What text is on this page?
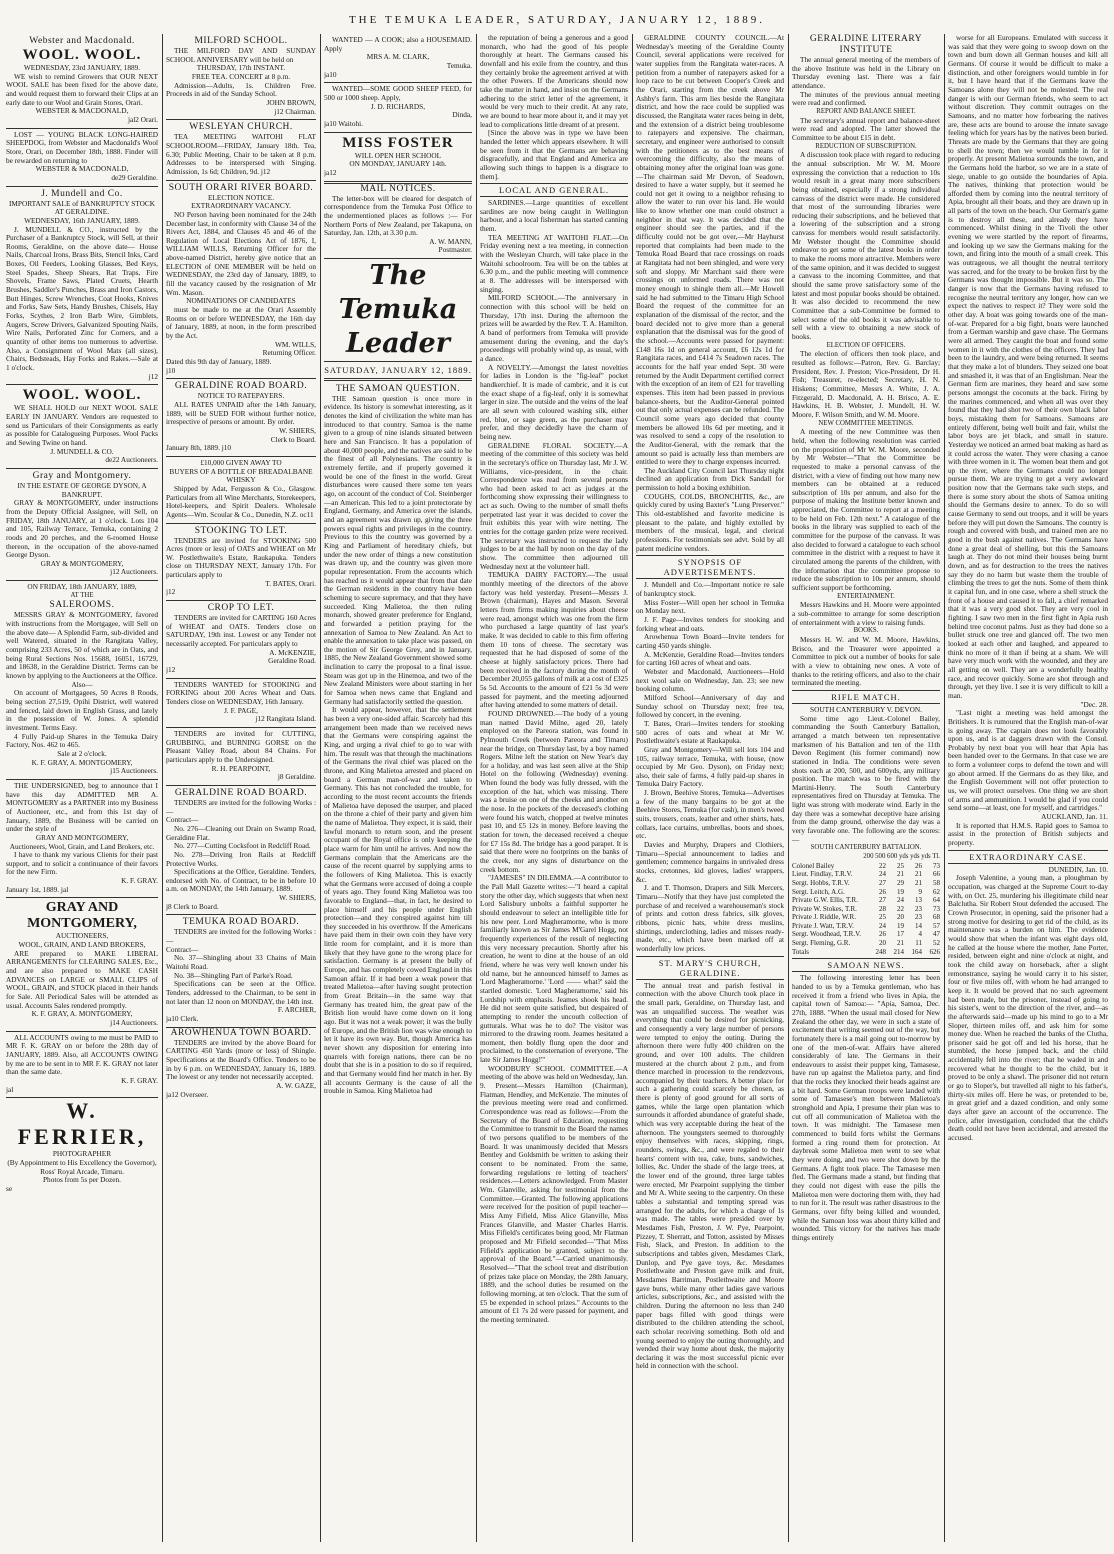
THE TEMUKA LEADER, SATURDAY, JANUARY 12, 1889.
Webster and Macdonald.
WOOL. WOOL.
WEDNESDAY, 23rd JANUARY, 1889.

WE wish to remind Growers that OUR NEXT WOOL SALE has been fixed for the above date, and would request them to forward their Clips at an early date to our Wool and Grain Stores, Orari.

WEBSTER & MACDONALD,
jal2 Orari.

LOST — YOUNG BLACK LONG-HAIRED SHEEPDOG, from Webster and Macdonald's Wool Store, Orari, on December 18th, 1888. Finder will be rewarded on returning to

WEBSTER & MACDONALD,
de29 Geraldine.
J. Mundell and Co.
IMPORTANT SALE of BANKRUPTCY STOCK AT GERALDINE.
WEDNESDAY, 16th JANUARY, 1889.

J. MUNDELL & CO., instructed by the Purchaser of a Bankruptcy Stock, will Sell, at their Rooms, Geraldine, on the above date— House Nails, Charcoal Irons, Brass Bits, Stencil Inks, Card Boxes, Oil Feeders, Looking Glasses, Bed Keys, Steel Spades, Sheep Shears, Rat Traps, Fire Shovels, Frame Saws, Plated Cruets, Hearth Brushes, Saddler's Punches, Brass and Iron Castors, Butt Hinges, Screw Wrenches, Coat Hooks, Knives and Forks, Saw Sets, Handy Brushes, Chisels, Hay Forks, Scythes, 2 Iron Barb Wire, Gimblets, Augers, Screw Drivers, Galvanized Spouting Nails, Wire Nails, Perforated Zinc for Corners, and a quantity of other items too numerous to advertise. Also, a Consignment of Wool Mats (all sizes), Chairs, Bedsteads, Hay Forks and Rakes.—Sale at 1 o'clock.

j12
WOOL. WOOL.

WE SHALL HOLD our NEXT WOOL SALE EARLY IN JANUARY. Vendors are requested to send us Particulars of their Consignments as early as possible for Catalogueing Purposes. Wool Packs and Sewing Twine on hand.

J. MUNDELL & CO.
de22 Auctioneers.
Gray and Montgomery.
IN THE ESTATE OF GEORGE DYSON, A BANKRUPT.

GRAY & MONTGOMERY, under instructions from the Deputy Official Assignee, will Sell, on FRIDAY, 18th JANUARY, at 1 o'clock. Lots 104 and 105, Railway Terrace, Temuka, containing 2 roods and 20 perches, and the 6-roomed House thereon, in the occupation of the above-named George Dyson.

GRAY & MONTGOMERY,
j12 Auctioneers.
ON FRIDAY, 18th JANUARY, 1889,
AT THE
SALEROOMS.

MESSRS GRAY & MONTGOMERY, favored with instructions from the Mortgagee, will Sell on the above date— A Splendid Farm, sub-divided and well Watered, situated in the Rangitata Valley, comprising 233 Acres, 50 of which are in Oats, and being Rural Sections Nos. 15688, 16051, 16729, and 18638, in the Geraldine District. Terms can be known by applying to the Auctioneers at the Office.

Also—

On account of Mortgagees, 50 Acres 8 Roods, being section 27,519, Opihi District, well watered and fenced, laid down in English Grass, and lately in the possession of W. Jones. A splendid investment. Terms Easy.

4 Fully Paid-up Shares in the Temuka Dairy Factory, Nos. 462 to 465.

Sale at 2 o'clock.
K. F. GRAY, A. MONTGOMERY,
j15 Auctioneers.

THE UNDERSIGNED, beg to announce that I have this day ADMITTED MR A. MONTGOMERY as a PARTNER into my Business of Auctioneer, etc., and from this 1st day of January, 1889, the Business will be carried on under the style of

GRAY AND MONTGOMERY,
Auctioneers, Wool, Grain, and Land Brokers, etc.

I have to thank my various Clients for their past support, and to solicit a continuance of their favors for the new Firm.

K. F. GRAY.
January 1st, 1889. jal
GRAY AND MONTGOMERY,
AUCTIONEERS,
WOOL, GRAIN, AND LAND BROKERS,

ARE prepared to MAKE LIBERAL ARRANGEMENTS for CLEARING SALES, Etc., and are also prepared to MAKE CASH ADVANCES on LARGE or SMALL CLIPS of WOOL, GRAIN, and STOCK placed in their hands for Sale. All Periodical Sales will be attended as usual. Accounts Sales rendered promptly.

K. F. GRAY, A. MONTGOMERY,
j14 Auctioneers.

ALL ACCOUNTS owing to me must be PAID to MR F. K. GRAY on or before the 28th day of JANUARY, 1889. Also, all ACCOUNTS OWING by me are to be sent in to MR F. K. GRAY not later than the same date.

K. F. GRAY.
jal
W. FERRIER,
PHOTOGRAPHER
(By Appointment to His Excellency the Governor),
Ross' Royal Arcade, Timaru.
Photos from 5s per Dozen.
se
MILFORD SCHOOL.

THE MILFORD DAY AND SUNDAY SCHOOL ANNIVERSARY will be held on

THURSDAY, 17th INSTANT.
FREE TEA. CONCERT at 8 p.m.

Admission—Adults, 1s. Children Free. Proceeds in aid of the Sunday School.

JOHN BROWN,
j12 Chairman.
WESLEYAN CHURCH.

TEA MEETING WAITOHI FLAT SCHOOLROOM—FRIDAY, January 18th. Tea, 6.30; Public Meeting, Chair to be taken at 8 p.m. Addresses to be interspersed with Singing. Admission, 1s 6d; Children, 9d. j12

SOUTH ORARI RIVER BOARD.
ELECTION NOTICE.
EXTRAORDINARY VACANCY.

NO Person having been nominated for the 24th December last, in conformity with Clause 34 of the Rivers Act, 1884, and Clauses 45 and 46 of the Regulation of Local Elections Act of 1876, I, WILLIAM WILLS, Returning Officer for the above-named District, hereby give notice that an ELECTION of ONE MEMBER will be held on WEDNESDAY, the 23rd day of January, 1889, to fill the vacancy caused by the resignation of Mr Wm. Mason.

NOMINATIONS OF CANDIDATES

must be made to me at the Orari Assembly Rooms on or before WEDNESDAY, the 16th day of January, 1889, at noon, in the form prescribed by the Act.

WM. WILLS,
Returning Officer.
Dated this 9th day of January, 1889.
j10
GERALDINE ROAD BOARD.
NOTICE TO RATEPAYERS.

ALL RATES UNPAID after the 14th January, 1889, will be SUED FOR without further notice, irrespective of persons or amount. By order.

W. SHIERS,
Clerk to Board.
January 8th, 1889. j10
£10,000 GIVEN AWAY TO
BUYERS OF A BOTTLE OF BREADALBANE WHISKY

Shipped by Adat, Fergusson & Co., Glasgow. Particulars from all Wine Merchants, Storekeepers, Hotel-keepers, and Spirit Dealers. Wholesale Agents—Wm. Scoular & Co., Dunedin, N.Z. oc11

STOOKING TO LET.

TENDERS are invited for STOOKING 500 Acres (more or less) of OATS and WHEAT on Mr W. Postlethwaite's Estate, Raukapuka. Tenders close on THURSDAY NEXT, January 17th. For particulars apply to

T. BATES, Orari.
j12
CROP TO LET.

TENDERS are invited for CARTING 160 Acres of WHEAT and OATS. Tenders close on SATURDAY, 19th inst. Lowest or any Tender not necessarily accepted. For particulars apply to

A. McKENZIE,
Geraldine Road.
j12

TENDERS WANTED for STOOKING and FORKING about 200 Acres Wheat and Oats. Tenders close on WEDNESDAY, 16th January.

J. F. PAGE,
j12 Rangitata Island.

TENDERS are invited for CUTTING, GRUBBING, and BURNING GORSE on the Pleasant Valley Road, about 84 Chains. For particulars apply to the Undersigned.

R. H. PEARPOINT,
j8 Geraldine.
GERALDINE ROAD BOARD.

TENDERS are invited for the following Works :—

Contract—

No. 276—Cleaning out Drain on Swamp Road, Geraldine Flat.

No. 277—Cutting Cocksfoot in Redcliff Road.

No. 278—Driving Iron Rails at Redcliff Protective Works.

Specifications at the Office, Geraldine. Tenders, endorsed with No. of Contract, to be in before 10 a.m. on MONDAY, the 14th January, 1889.

W. SHIERS,
j8 Clerk to Board.
TEMUKA ROAD BOARD.

TENDERS are invited for the following Works :—

Contract—

No. 37—Shingling about 33 Chains of Main Waitohi Road.

No. 38—Shingling Part of Parke's Road.

Specifications can be seen at the Office. Tenders, addressed to the Chairman, to be sent in not later than 12 noon on MONDAY, the 14th inst.

F. ARCHER,
ja10 Clerk.
AROWHENUA TOWN BOARD.

TENDERS are invited by the above Board for CARTING 450 Yards (more or less) of Shingle. Specifications at the Board's Office. Tenders to be in by 6 p.m. on WEDNESDAY, January 16, 1889. The lowest or any tender not necessarily accepted.

A. W. GAZE,
ja12 Overseer.

WANTED — A COOK; also a HOUSEMAID. Apply

MRS A. M. CLARK,
Temuka.
ja10

WANTED—SOME GOOD SHEEP FEED, for 500 or 1000 sheep. Apply,

J. D. RICHARDS,
Dinda,
ja10 Waitohi.
MISS FOSTER
WILL OPEN HER SCHOOL
ON MONDAY, JANUARY 14th.
ja12
MAIL NOTICES.

The letter-box will be cleared for despatch of correspondence from the Temuka Post Office to the undermentioned places as follows :— For Northern Ports of New Zealand, per Takapuna, on Saturday, Jan. 12th, at 3.30 p.m.

A. W. MANN,
Postmaster.
The Temuka Leader
SATURDAY, JANUARY 12, 1889.
THE SAMOAN QUESTION.

THE Samoan question is once more in evidence. Its history is somewhat interesting, as it denotes the kind of civilization the white man has introduced to that country. Samoa is the name given to a group of nine islands situated between here and San Francisco. It has a population of about 40,000 people, and the natives are said to be the finest of all Polynesians. The country is extremely fertile, and if properly governed it would be one of the finest in the world. Great disturbances were caused there some ten years ago, on account of the conduct of Col. Steinberger—an American. This led to a joint protectorate by England, Germany, and America over the islands, and an agreement was drawn up, giving the three powers equal rights and privileges in the country. Previous to this the country was governed by a King and Parliament of hereditary chiefs, but under the new order of things a new constitution was drawn up, and the country was given more popular representation. From the accounts which has reached us it would appear that from that date the German residents in the country have been scheming to secure supremacy, and that they have succeeded. King Malietoa, the then ruling monarch, showed greater preference for England, and forwarded a petition praying for the annexation of Samoa to New Zealand. An Act to enable the annexation to take place was passed, on the motion of Sir George Grey, and in January, 1885, the New Zealand Government showed some inclination to carry the proposal to a final issue. Steam was got up in the Hinemoa, and two of the New Zealand Ministers were about starting in her for Samoa when news came that England and Germany had satisfactorily settled the question.

It would appear, however, that the settlement has been a very one-sided affair. Scarcely had this arrangement been made than we received news that the Germans were conspiring against the King, and urging a rival chief to go to war with him. The result was that through the machinations of the Germans the rival chief was placed on the throne, and King Malietoa arrested and placed on board a German man-of-war and taken to Germany. This has not concluded the trouble, for according to the most recent accounts the friends of Malietoa have deposed the usurper, and placed on the throne a chief of their party and given him the name of Malietoa. They expect, it is said, their lawful monarch to return soon, and the present occupant of the Royal office is only keeping the place warm for him until he arrives. And now the Germans complain that the Americans are the cause of the recent quarrel by supplying arms to the followers of King Malietoa. This is exactly what the Germans were accused of doing a couple of years ago. They found King Malietoa was too favorable to England—that, in fact, he desired to place himself and his people under English protection—and they conspired against him till they succeeded in his overthrow. If the Americans have paid them in their own coin they have very little room for complaint, and it is more than likely that they have gone to the wrong place for satisfaction. Germany is at present the bully of Europe, and has completely cowed England in this Samoan affair. If it had been a weak power that treated Malietoa—after having sought protection from Great Britain—in the same way that Germany has treated him, the great paw of the British lion would have come down on it long ago. But it was not a weak power; it was the bully of Europe, and the British lion was wise enough to let it have its own way. But, though America has never shown any disposition for entering into quarrels with foreign nations, there can be no doubt that she is in a position to do so if required, and that Germany would find her match in her. By all accounts Germany is the cause of all the trouble in Samoa. King Malietoa had

the reputation of being a generous and a good monarch, who had the good of his people thoroughly at heart. The Germans caused his downfall and his exile from the country, and thus they certainly broke the agreement arrived at with the other Powers. If the Americans should now take the matter in hand, and insist on the Germans adhering to the strict letter of the agreement, it would be very much to their credit. At any rate, we are bound to hear more about it, and it may yet lead to complications little dreamt of at present.

[Since the above was in type we have been handed the letter which appears elsewhere. It will be seen from it that the Germans are behaving disgracefully, and that England and America are allowing such things to happen is a disgrace to them].

LOCAL AND GENERAL.

SARDINES.—Large quantities of excellent sardines are now being caught in Wellington harbour, and a local fisherman has started canning them.

TEA MEETING AT WAITOHI FLAT.—On Friday evening next a tea meeting, in connection with the Wesleyan Church, will take place in the Waitohi schoolroom. Tea will be on the tables at 6.30 p.m., and the public meeting will commence at 8. The addresses will be interspersed with singing.

MILFORD SCHOOL.—The anniversary in connection with this school will be held on Thursday, 17th inst. During the afternoon the prizes will be awarded by the Rev. T. A. Hamilton. A band of performers from Temuka will provide amusement during the evening, and the day's proceedings will probably wind up, as usual, with a dance.

A NOVELTY.—Amongst the latest novelties for ladies in London is the "fig-leaf" pocket handkerchief. It is made of cambric, and it is cut the exact shape of a fig-leaf, only it is somewhat larger in size. The outside and the veins of the leaf are all sewn with coloured washing silk, either red, blue, or sage green, as the purchaser may prefer, and they decidedly have the charm of being new.

GERALDINE FLORAL SOCIETY.—A meeting of the committee of this society was held in the secretary's office on Thursday last, Mr J. W. Williams, vice-president, in the chair. Correspondence was read from several persons who had been asked to act as judges at the forthcoming show expressing their willingness to act as such. Owing to the number of small thefts perpetrated last year it was decided to cover the fruit exhibits this year with wire netting. The entries for the cottage garden prize were received. The secretary was instructed to request the lady judges to be at the hall by noon on the day of the show. The committee then adjourned till Wednesday next at the volunteer hall.

TEMUKA DAIRY FACTORY.—The usual monthly meeting of the directors of the above factory was held yesterday. Present—Messrs J. Brown (chairman), Hayes and Mason. Several letters from firms making inquiries about cheese were read, amongst which was one from the firm who purchased a large quantity of last year's make. It was decided to cable to this firm offering them 10 tons of cheese. The secretary was requested that he had disposed of some of the cheese at highly satisfactory prices. There had been received in the factory during the month of December 20,055 gallons of milk at a cost of £325 5s 5d. Accounts to the amount of £21 5s 3d were passed for payment, and the meeting adjourned after having attended to some matters of detail.

FOUND DROWNED.—The body of a young man named David Milne, aged 20, lately employed on the Pareora station, was found in Pylmouth Creek (between Pareora and Timaru) near the bridge, on Thursday last, by a boy named Rogers. Milne left the station on New Year's day for a holiday, and was last seen alive at the Ship Hotel on the following (Wednesday) evening. When found the body was fully dressed, with the exception of the hat, which was missing. There was a bruise on one of the cheeks and another on the nose. In the pockets of the deceased's clothing were found his watch, chopped at twelve minutes past 10, and £5 12s in money. Before leaving the station for town, the deceased received a cheque for £7 15s 8d. The bridge has a good parapet. It is said that there were no footprints on the banks of the creek, nor any signs of disturbance on the creek bottom.

"JAMESES" IN DILEMMA.—A contributor to the Pall Mall Gazette writes:—"I heard a capital story the other day, which suggests that when next Lord Salisbury unbolts a faithful supporter he should endeavour to select an intelligible title for his new peer. Lord Magheramorne, who is more familiarly known as Sir James M'Garel Hogg, not frequently experiences of the result of neglecting this very necessary precaution. Shortly after his creation, he went to dine at the house of an old friend, where he was very well known under his old name, but he announced himself to James as 'Lord Magheramorne.' 'Lord —— what?' said the startled domestic. 'Lord Magheramorne,' said his Lordship with emphasis. Jeames shook his head. He did not seem quite satisfied, but despaired of attempting to render the uncouth collection of gutturals. What was he to do? The visitor was mirrored to the drawing room. Jeames hesitated a moment, then boldly flung open the door and proclaimed, to the consternation of everyone, 'The late Sir James Hogg!'"

WOODBURY SCHOOL COMMITTEE.—A meeting of the above was held on Wednesday, Jan. 9. Present—Messrs Hamilton (Chairman), Flatman, Hendley, and McKenzie. The minutes of the previous meeting were read and confirmed. Correspondence was read as follows:—From the Secretary of the Board of Education, requesting the Committee to transmit to the Board the names of two persons qualified to be members of the Board. It was unanimously decided that Messrs Bentley and Goldsmith be written to asking their consent to be nominated. From the same, forwarding regulations re letting of teachers' residences.—Letters acknowledged. From Master Wm. Glanville, asking for testimonial from the Committee.—Granted. The following applications were received for the position of pupil teacher—Miss Amy Fifield, Miss Alice Glanville, Miss Frances Glanville, and Master Charles Harris. Miss Fifield's certificates being good, Mr Flatman proposed and Mr Fifield seconded—"That Miss Fifield's application be granted, subject to the approval of the Board."—Carried unanimously. Resolved—"That the school treat and distribution of prizes take place on Monday, the 28th January, 1889, and the school duties be resumed on the following morning, at ten o'clock. That the sum of £5 be expended in school prizes." Accounts to the amount of £1 7s 2d were passed for payment, and the meeting terminated.

GERALDINE COUNTY COUNCIL.—At Wednesday's meeting of the Geraldine County Council, several applications were received for water supplies from the Rangitata water-races. A petition from a number of ratepayers asked for a loop race to be cut between Cooper's Creek and the Orari, starting from the creek above Mr Ashby's farm. This arm lies beside the Rangitata district, and how the race could be supplied was discussed, the Rangitata water races being in debt, and the extension of a district being troublesome to ratepayers and expensive. The chairman, secretary, and engineer were authorised to consult with the petitioners as to the best means of overcoming the difficulty, also the means of obtaining money after the original loan was gone.—The chairman said Mr Devon, of Seadown, desired to have a water supply, but it seemed he could not get it owing to a neighbor refusing to allow the water to run over his land. He would like to know whether one man could obstruct a neighbor in that way. It was decided that the engineer should see the parties, and if the difficulty could not be got over,—Mr Hayhurst reported that complaints had been made to the Temuka Road Board that race crossings on roads at Rangitata had not been shingled, and were very soft and sloppy. Mr Marchant said there were crossings on unformed roads. There was not money enough to shingle them all.—Mr Howell said he had submitted to the Timaru High School Board the request of the committee for an explanation of the dismissal of the rector, and the board decided not to give more than a general explanation that the dismissal was for the good of the school.—Accounts were passed for payment: £148 16s 1d on general account, £6 12s 1d for Rangitata races, and £414 7s Seadown races. The accounts for the half year ended Sept. 30 were returned by the Audit Department certified correct with the exception of an item of £21 for travelling expenses. This item had been passed in previous balance-sheets, but the Auditor-General pointed out that only actual expenses can be refunded. The Council some years ago decided that county members be allowed 10s 6d per meeting, and it was resolved to send a copy of the resolution to the Auditor-General, with the remark that the amount so paid is actually less than members are entitled to were they to charge expenses incurred.

The Auckland City Council last Thursday night declined an application from Dick Sandall for permission to hold a boxing exhibition.

COUGHS, COLDS, BRONCHITIS, &c., are quickly cured by using Baxter's "Lung Preserver." This old-established and favorite medicine is pleasant to the palate, and highly extolled by members of the musical, legal, and clerical professions. For testimonials see advt. Sold by all patent medicine vendors.

SYNOPSIS OF ADVERTISEMENTS.

J. Mundell and Co.—Important notice re sale of bankruptcy stock.

Miss Foster—Will open her school in Temuka on Monday next.

J. F. Page—Invites tenders for stooking and forking wheat and oats.

Arowhenua Town Board—Invite tenders for carting 450 yards shingle.

A. McKenzie, Geraldine Road—Invites tenders for carting 160 acres of wheat and oats.

Webster and Macdonald, Auctioneers—Hold next wool sale on Wednesday, Jan. 23; see new booking column.

Milford School—Anniversary of day and Sunday school on Thursday next; free tea, followed by concert, in the evening.

T. Bates, Orari—Invites tenders for stooking 500 acres of oats and wheat at Mr W. Postlethwaite's estate at Raukapuka.

Gray and Montgomery—Will sell lots 104 and 105, railway terrace, Temuka, with house, (now occupied by Mr Geo. Dyson), on Friday next; also, their sale of farms, 4 fully paid-up shares in Temuka Dairy Factory.

J. Brown, Beehive Stores, Temuka—Advertises a few of the many bargains to be got at the Beehive Stores, Temuka (for cash), in men's tweed suits, trousers, coats, leather and other shirts, hats, collars, lace curtains, umbrellas, boots and shoes, etc.

Davies and Murphy, Drapers and Clothiers, Timaru—Special announcement to ladies and gentlemen; commence bargains in unrivaled dress stocks, cretonnes, kid gloves, ladies' wrappers, &c.

J. and T. Thomson, Drapers and Silk Mercers, Timaru—Notify that they have just completed the purchase of and received a warehouseman's stock of prints and cotton dress fabrics, silk gloves, ribbons, picnic hats, white dress muslins, shirtings, underclothing, ladies and misses ready-made, etc., which have been marked off at wonderfully low prices.

ST. MARY'S CHURCH, GERALDINE.

The annual treat and parish festival in connection with the above Church took place in the small park, Geraldine, on Thursday last, and was an unqualified success. The weather was everything that could be desired for picnicking, and consequently a very large number of persons were tempted to enjoy the outing. During the afternoon there were fully 400 children on the ground, and over 100 adults. The children mustered at the church about 2 p.m., and from thence marched in procession to the rendezvous, accompanied by their teachers. A better place for such a gathering could scarcely be chosen, as there is plenty of good ground for all sorts of games, while the large open plantation which surrounds it afforded abundance of grateful shade, which was very acceptable during the heat of the afternoon. The youngsters seemed to thoroughly enjoy themselves with races, skipping, rings, rounders, swings, &c., and were regaled to their hearts' content with tea, cake, buns, sandwiches, lollies, &c. Under the shade of the large trees, at the lower end of the ground, three large tables were erected, Mr Pearpoint supplying the timber and Mr A. White seeing to the carpentry. On these tables a substantial and tempting spread was arranged for the adults, for which a charge of 1s was made. The tables were presided over by Mesdames Fish, Preston, J. W. Pye, Pearpoint, Pizzey, T. Sherratt, and Totton, assisted by Misses Fish, Slack, and Preston. In addition to the subscriptions and tables given, Mesdames Clark, Dunlop, and Pye gave toys, &c. Mesdames Postlethwaite and Preston gave milk and fruit, Mesdames Barriman, Postlethwaite and Moore gave buns, while many other ladies gave various articles, subscriptions, &c., and assisted with the children. During the afternoon no less than 240 paper bags filled with good things were distributed to the children attending the school, each scholar receiving something. Both old and young seemed to enjoy the outing thoroughly, and wended their way home about dusk, the majority declaring it was the most successful picnic ever held in connection with the school.

GERALDINE LITERARY INSTITUTE

The annual general meeting of the members of the above Institute was held in the Library on Thursday evening last. There was a fair attendance.

The minutes of the previous annual meeting were read and confirmed.

REPORT AND BALANCE SHEET.

The secretary's annual report and balance-sheet were read and adopted. The latter showed the Committee to be about £15 in debt.

REDUCTION OF SUBSCRIPTION.

A discussion took place with regard to reducing the annual subscription. Mr W. M. Moore expressing the conviction that a reduction to 10s would result in a great many more subscribers being obtained, especially if a strong individual canvass of the district were made. He considered that most of the surrounding libraries were reducing their subscriptions, and he believed that a lowering of the subscription and a strong canvass for members would result satisfactorily. Mr Webster thought the Committee should endeavor to get some of the latest books in order to make the rooms more attractive. Members were of the same opinion, and it was decided to suggest a canvass to the incoming Committee, and that should the same prove satisfactory some of the latest and most popular books should be obtained. It was also decided to recommend the new Committee that a sub-Committee be formed to select some of the old books it was advisable to sell with a view to obtaining a new stock of books.

ELECTION OF OFFICERS.

The election of officers then took place, and resulted as follows:—Patron, Rev. G. Barclay; President, Rev. J. Preston; Vice-President, Dr H. Fish; Treasurer, re-elected; Secretary, H. N. Hiskens; Committee, Messrs A. White, J. A. Fitzgerald, D. Macdonald, A. H. Brisco, A. E. Hawkins, H. B. Webster, J. Mundell, H. W. Moore, F. Wilson Smith, and W. M. Moore.

NEW COMMITTEE MEETINGS.

A meeting of the new Committee was then held, when the following resolution was carried on the proposition of Mr W. M. Moore, seconded by Mr Webster—"That the Committee be requested to make a personal canvass of the district, with a view of finding out how many new members can be obtained at a reduced subscription of 10s per annum, and also for the purpose of making the Institute better known and appreciated, the Committee to report at a meeting to be held on Feb. 12th next." A catalogue of the books in the library was supplied to each of the committee for the purpose of the canvass. It was also decided to forward a catalogue to each school committee in the district with a request to have it circulated among the parents of the children, with the information that the committee propose to reduce the subscription to 10s per annum, should sufficient support be forthcoming.

ENTERTAINMENT.

Messrs Hawkins and H. Moore were appointed a sub-committee to arrange for some description of entertainment with a view to raising funds.

BOOKS.

Messrs H. W. and W. M. Moore, Hawkins, Brisco, and the Treasurer were appointed a Committee to pick out a number of books for sale with a view to obtaining new ones. A vote of thanks to the retiring officers, and also to the chair terminated the meeting.

RIFLE MATCH.
SOUTH CANTERBURY V. DEVON.

Some time ago Lieut.-Colonel Bailey, commanding the South Canterbury Battalion, arranged a match between ten representative marksmen of his Battalion and ten of the 11th Devon Regiment (his former command) now stationed in India. The conditions were seven shots each at 200, 500, and 600yds, any military position. The match was to be fired with the Martini-Henry. The South Canterbury representatives fired on Thursday at Temuka. The light was strong with moderate wind. Early in the day there was a somewhat deceptive haze arising from the damp ground, otherwise the day was a very favorable one. The following are the scores:—

SOUTH CANTERBURY BATTALION.
200 500 600 yds yds yds Tl.
Colonel Bailey	22	25	26	73
Lieut. Findlay, T.R.V.	24	21	21	66
Sergt. Hobbs, T.R.V.	27	29	21	58
Sergt. Leitch, A.G.	26	19	9	62
Private G.W. Ellis, T.R.	27	24	13	64
Private W. Stokes, T.R.	28	22	23	73
Private J. Riddle, W.R.	25	20	23	68
Private J. Watt, T.R.V.	24	19	14	57
Sergt. Woodhead, T.R.V.	26	17	4	47
Sergt. Fleming, G.R.	20	21	11	52
Totals	248	214	164	626
SAMOAN NEWS.

The following interesting letter has been handed to us by a Temuka gentleman, who has received it from a friend who lives in Apia, the capital town of Samoa:— "Apia, Samoa, Dec. 27th, 1888. "When the usual mail closed for New Zealand the other day, we were in such a state of excitement that writing seemed out of the way, but fortunately there is a mail going out to-morrow by one of the men-of-war. Affairs have altered considerably of late. The Germans in their endeavours to assist their puppet king, Tamasese, have run up against the Malietoa party, and find that the rocks they knocked their heads against are a bit hard. Some German troops were landed with some of Tamasese's men between Malietoa's stronghold and Apia, I presume their plan was to cut off all communication of Malietoa with the town. It was midnight. The Tamasese men commenced to build forts whilst the Germans formed a ring round them for protection. At daybreak some Malietoa men went to see what they were doing, and two were shot down by the Germans. A fight took place. The Tamasese men fled. The Germans made a stand, but finding that they could not digest with ease the pills the Malietoa men were doctoring them with, they had to run for it. The result was rather disastrous to the Germans, over fifty being killed and wounded, while the Samoan loss was about thirty killed and wounded. This victory for the natives has made things entirely

worse for all Europeans. Emulated with success it was said that they were going to swoop down on the town and burn down all German houses and kill all Germans. Of course it would be difficult to make a distinction, and other foreigners would tumble in for it, but I have heard that if the Germans leave the Samoans alone they will not be molested. The real danger is with our German friends, who seem to act without discretion. They commit outrages on the Samoans, and no matter how forbearing the natives are, these acts are bound to arouse the innate savage feeling which for years has by the natives been buried. Threats are made by the Germans that they are going to shell the town; then we would tumble in for it properly. At present Malietoa surrounds the town, and the Germans hold the harbor, so we are in a state of siege, unable to go outside the boundaries of Apia. The natives, thinking that protection would be afforded them by coming into the neutral territory of Apia, brought all their boats, and they are drawn up in all parts of the town on the beach. Our German's game is to destroy all these, and already they have commenced. Whilst dining in the Tivoli the other evening we were startled by the report of firearms, and looking up we saw the Germans making for the town, and firing into the mouth of a small creek. This was outrageous, we all thought the neutral territory was sacred, and for the treaty to be broken first by the Germans was thought impossible. But it was so. The danger is now that the Germans having refused to recognise the neutral territory any longer, how can we expect the natives to respect it? They were sold the other day. A boat was going towards one of the man-of-war. Prepared for a big fight, boats were launched from a German warship and gave chase. The Germans were all armed. They caught the boat and found some women in it with the clothes of the officers. They had been to the laundry, and were being returned. It seems that they make a lot of blunders. They seized one boat and smashed it, it was that of an Englishman. Near the German firm are marines, they heard and saw some persons amongst the coconuts at the back. Firing by the marines commenced, and when all was over they found that they had shot two of their own black labor boys, mistaking them for Samoans. Samoans are entirely different, being well built and fair, whilst the labor boys are jet black, and small in stature. Yesterday we noticed an armed boat making as hard as it could across the water. They were chasing a canoe with three women in it. The women beat them and got up the river, where the Germans could no longer pursue them. We are trying to get a very awkward position now that the Germans take such steps, and there is some story about the shots of Samoa uniting should the Germans desire to annex. To do so will cause Germany to send out troops, and it will be years before they will put down the Samoans. The country is rough and covered with bush, and trained men are no good in the bush against natives. The Germans have done a great deal of shelling, but this the Samoans laugh at. They do not mind their houses being burnt down, and as for destruction to the trees the natives say they do no harm but waste them the trouble of climbing the trees to get the nuts. Some of them think it capital fun, and in one case, where a shell struck the front of a house and caused it to fall, a chief remarked that it was a very good shot. They are very cool in fighting. I saw two men in the first fight in Apia rush behind tree coconut palms. Just as they had done so a bullet struck one tree and glanced off. The two men looked at each other and laughed, and appeared to think no more of it than if being at a sham. We will have very much work with the wounded, and they are all getting on well. They are a wonderfully healthy race, and recover quickly. Some are shot through and through, yet they live. I see it is very difficult to kill a man.

"Dec. 28.

"Last night a meeting was held amongst the Britishers. It is rumoured that the English man-of-war is going away. The captain does not look favorably upon us, and is at daggers drawn with the Consul. Probably by next boat you will hear that Apia has been handed over to the Germans. In that case we are to form a volunteer corps to defend the town and will go about armed. If the Germans do as they like, and the English Government will not offer protection to us, we will protect ourselves. One thing we are short of arms and ammunition. I would be glad if you could send some—at least, one for myself, and cartridges."

AUCKLAND, Jan. 11.

It is reported that H.M.S. Rapid goes to Samoa to assist in the protection of British subjects and property.

EXTRAORDINARY CASE.
DUNEDIN, Jan. 10.

Joseph Valentine, a young man, a ploughman by occupation, was charged at the Supreme Court to-day with, on Oct. 25, murdering his illegitimate child near Balclutha. Sir Robert Stout defended the accused. The Crown Prosecutor, in opening, said the prisoner had a strong motive for desiring to get rid of the child, as its maintenance was a burden on him. The evidence would show that when the infant was eight days old, he called at the house where the mother, Jane Porter, resided, between eight and nine o'clock at night, and took the child away on horseback, after a slight remonstrance, saying he would carry it to his sister, four or five miles off, with whom he had arranged to keep it. It would be proved that no such agreement had been made, but the prisoner, instead of going to his sister's, went to the direction of the river, and—as the afterwards said—made up his mind to go to a Mr Sloper, thirteen miles off, and ask him for some money due. When he reached the banks of the Clutha, prisoner said he got off and led his horse, that he stumbled, the horse jumped back, and the child accidentally fell into the river; that he waded in and recovered what he thought to be the child, but it proved to be only a shawl. The prisoner did not return or go to Sloper's, but travelled all night to his father's, thirty-six miles off. Here he was, or pretended to be, in great grief and a dazed condition, and only some days after gave an account of the occurrence. The police, after investigation, concluded that the child's death could not have been accidental, and arrested the accused.
